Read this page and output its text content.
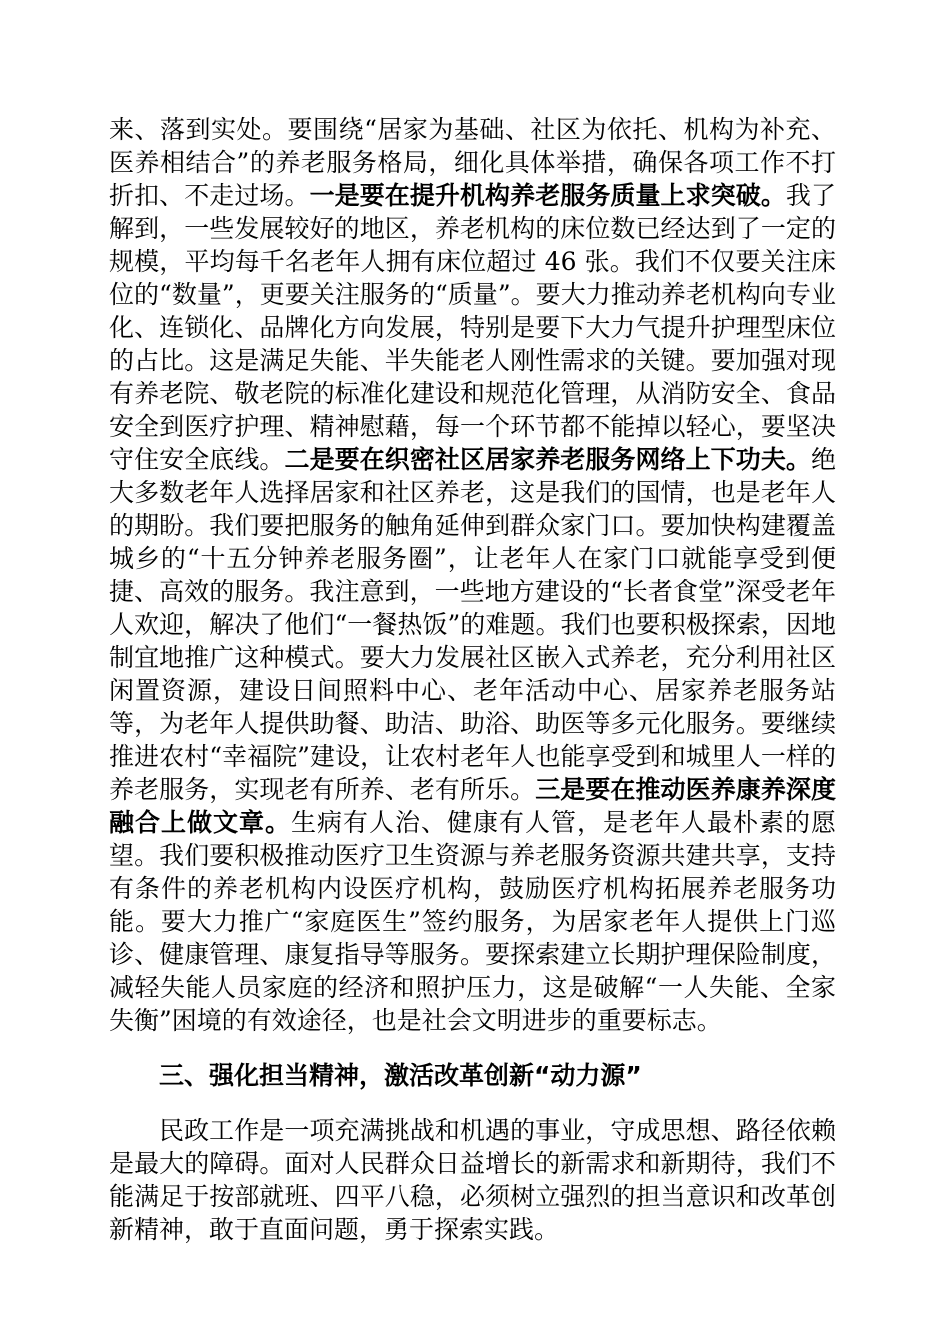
来、落到实处。要围绕“居家为基础、社区为依托、机构为补充、医养相结合”的养老服务格局，细化具体举措，确保各项工作不打折扣、不走过场。一是要在提升机构养老服务质量上求突破。我了解到，一些发展较好的地区，养老机构的床位数已经达到了一定的规模，平均每千名老年人拥有床位超过 46 张。我们不仅要关注床位的“数量”，更要关注服务的“质量”。要大力推动养老机构向专业化、连锁化、品牌化方向发展，特别是要下大力气提升护理型床位的占比。这是满足失能、半失能老人刚性需求的关键。要加强对现有养老院、敬老院的标准化建设和规范化管理，从消防安全、食品安全到医疗护理、精神慰藉，每一个环节都不能掉以轻心，要坚决守住安全底线。二是要在织密社区居家养老服务网络上下功夫。绝大多数老年人选择居家和社区养老，这是我们的国情，也是老年人的期盼。我们要把服务的触角延伸到群众家门口。要加快构建覆盖城乡的“十五分钟养老服务圈”，让老年人在家门口就能享受到便捷、高效的服务。我注意到，一些地方建设的“长者食堂”深受老年人欢迎，解决了他们“一餐热饭”的难题。我们也要积极探索，因地制宜地推广这种模式。要大力发展社区嵌入式养老，充分利用社区闲置资源，建设日间照料中心、老年活动中心、居家养老服务站等，为老年人提供助餐、助洁、助浴、助医等多元化服务。要继续推进农村“幸福院”建设，让农村老年人也能享受到和城里人一样的养老服务，实现老有所养、老有所乐。三是要在推动医养康养深度融合上做文章。生病有人治、健康有人管，是老年人最朴素的愿望。我们要积极推动医疗卫生资源与养老服务资源共建共享，支持有条件的养老机构内设医疗机构，鼓励医疗机构拓展养老服务功能。要大力推广“家庭医生”签约服务，为居家老年人提供上门巡诊、健康管理、康复指导等服务。要探索建立长期护理保险制度，减轻失能人员家庭的经济和照护压力，这是破解“一人失能、全家失衡”困境的有效途径，也是社会文明进步的重要标志。

三、强化担当精神，激活改革创新“动力源”

民政工作是一项充满挑战和机遇的事业，守成思想、路径依赖是最大的障碍。面对人民群众日益增长的新需求和新期待，我们不能满足于按部就班、四平八稳，必须树立强烈的担当意识和改革创新精神，敢于直面问题，勇于探索实践。
